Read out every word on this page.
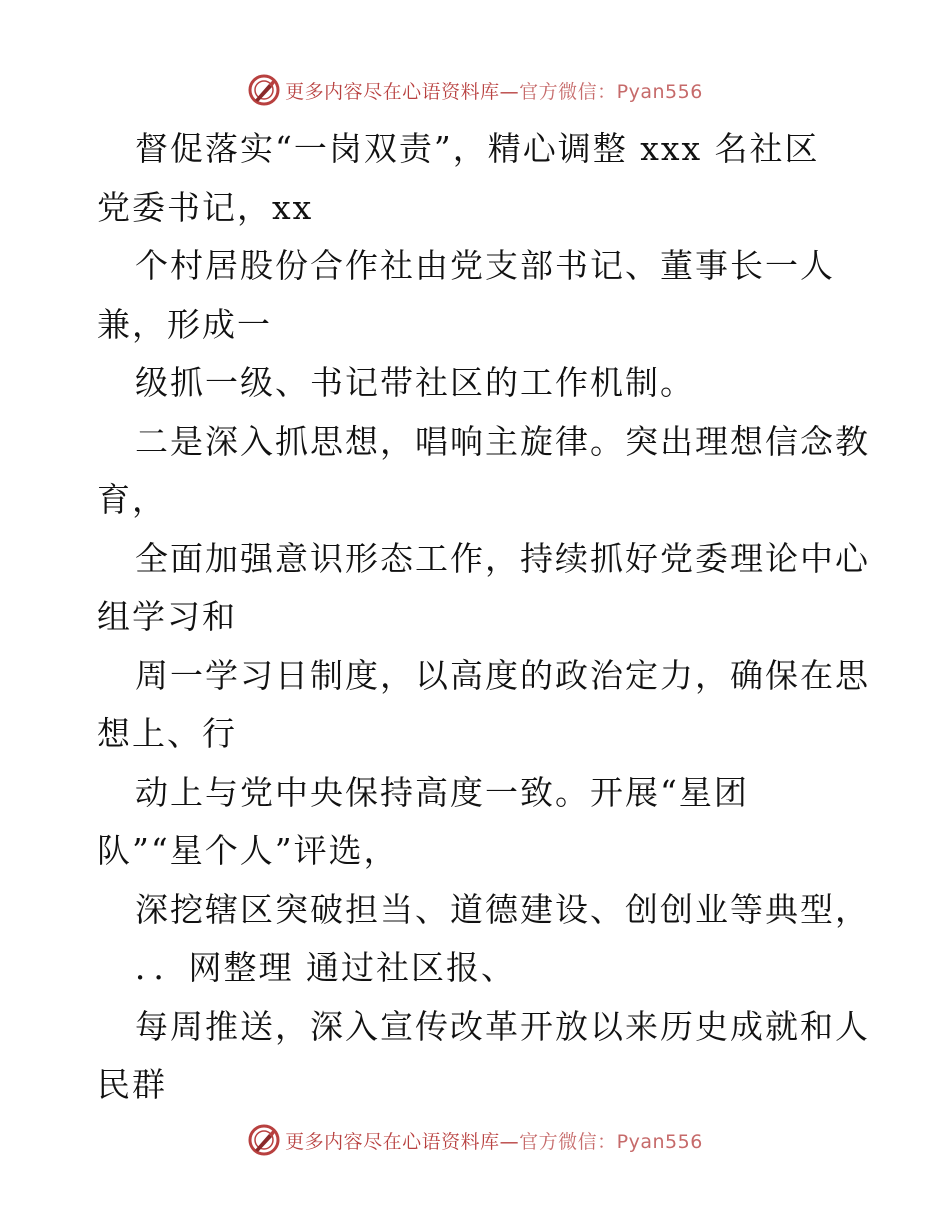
更多内容尽在心语资料库—官方微信：Pyan556
督促落实“一岗双责”，精心调整 xxx 名社区
党委书记，xx
个村居股份合作社由党支部书记、董事长一人
兼，形成一
级抓一级、书记带社区的工作机制。
二是深入抓思想，唱响主旋律。突出理想信念教
育，
全面加强意识形态工作，持续抓好党委理论中心
组学习和
周一学习日制度，以高度的政治定力，确保在思
想上、行
动上与党中央保持高度一致。开展“星团
队”“星个人”评选，
深挖辖区突破担当、道德建设、创创业等典型，
．．网整理 通过社区报、
每周推送，深入宣传改革开放以来历史成就和人
民群
更多内容尽在心语资料库—官方微信：Pyan556
